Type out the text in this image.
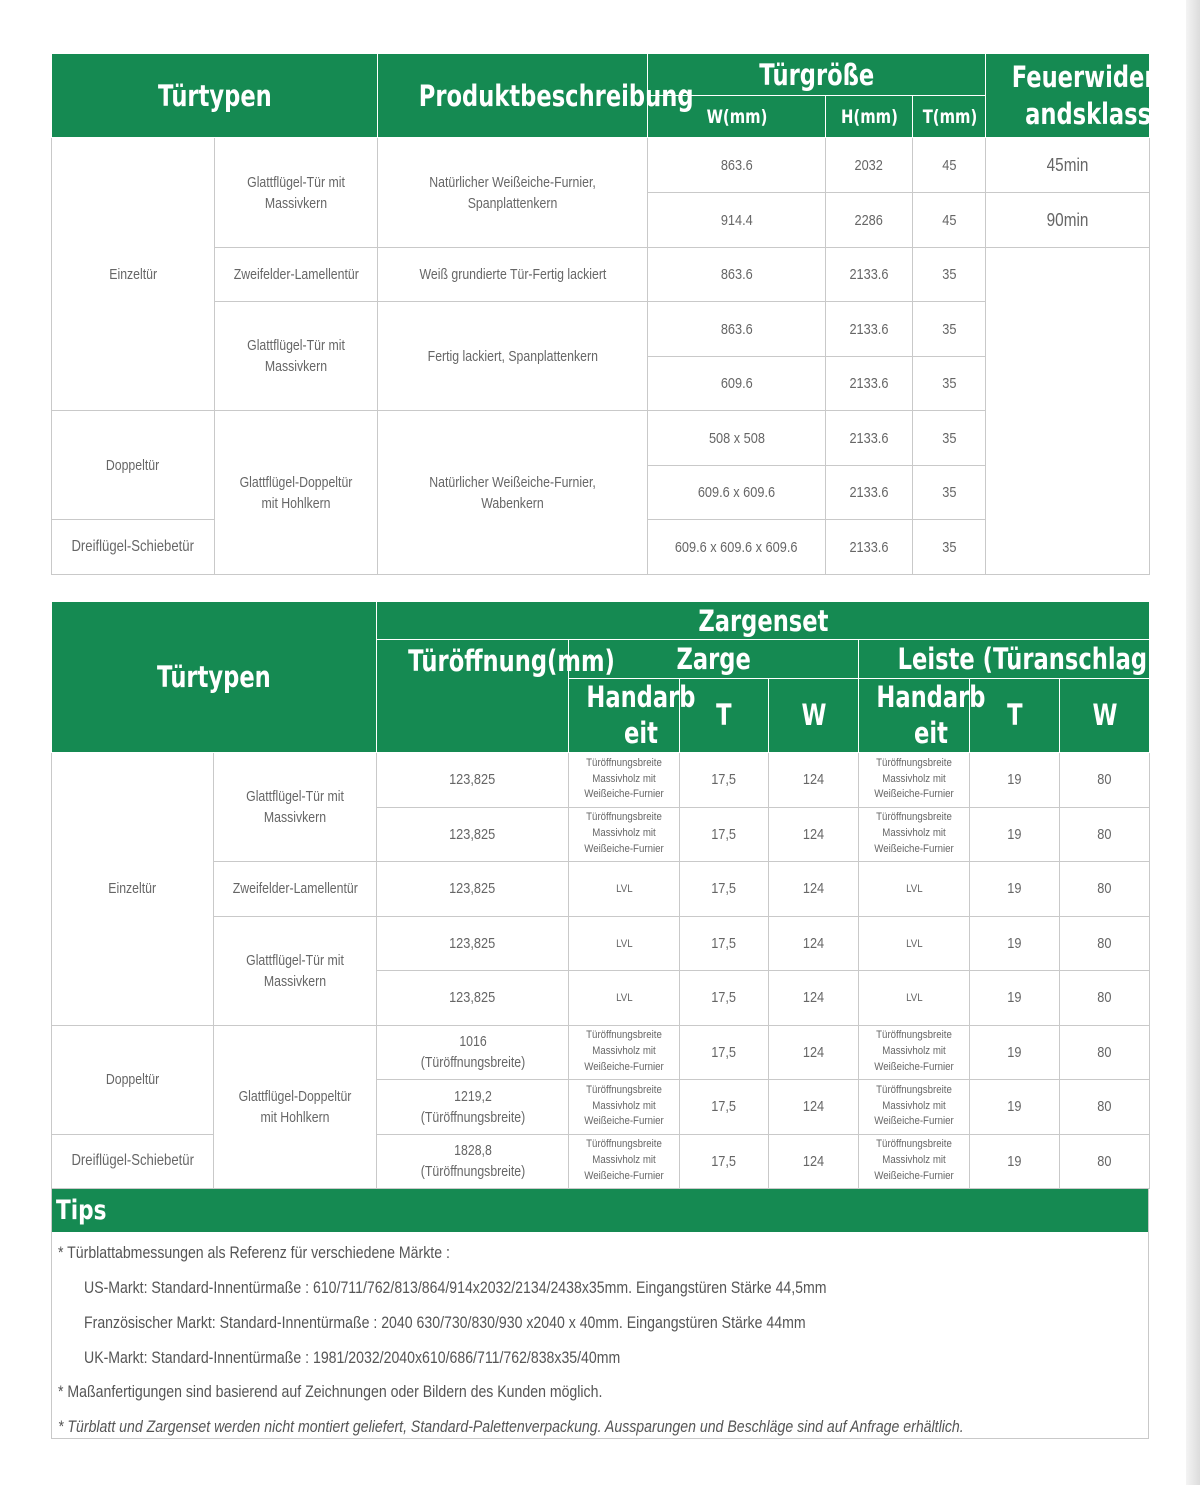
Türtypen		Produktbeschreibung	Türgröße			Feuerwiderst andsklasse
			W(mm)	H(mm)	T(mm)	
Einzeltür	Glattflügel-Tür mit Massivkern	Natürlicher Weißeiche-Furnier, Spanplattenkern	863.6	2032	45	45min
			914.4	2286	45	90min
	Zweifelder-Lamellentür	Weiß grundierte Tür-Fertig lackiert	863.6	2133.6	35	
	Glattflügel-Tür mit Massivkern	Fertig lackiert, Spanplattenkern	863.6	2133.6	35	
			609.6	2133.6	35	
Doppeltür	Glattflügel-Doppeltür mit Hohlkern	Natürlicher Weißeiche-Furnier, Wabenkern	508 x 508	2133.6	35	
			609.6 x 609.6	2133.6	35	
Dreiflügel-Schiebetür			609.6 x 609.6 x 609.6	2133.6	35	
Türtypen		Zargenset						
		Türöffnung(mm)	Zarge			Leiste (Türanschlag)		
			Handarb eit	T	W	Handarb eit	T	W
Einzeltür	Glattflügel-Tür mit Massivkern	123,825	Türöffnungsbreite Massivholz mit Weißeiche-Furnier	17,5	124	Türöffnungsbreite Massivholz mit Weißeiche-Furnier	19	80
		123,825	Türöffnungsbreite Massivholz mit Weißeiche-Furnier	17,5	124	Türöffnungsbreite Massivholz mit Weißeiche-Furnier	19	80
	Zweifelder-Lamellentür	123,825	LVL	17,5	124	LVL	19	80
	Glattflügel-Tür mit Massivkern	123,825	LVL	17,5	124	LVL	19	80
		123,825	LVL	17,5	124	LVL	19	80
Doppeltür	Glattflügel-Doppeltür mit Hohlkern	1016 (Türöffnungsbreite)	Türöffnungsbreite Massivholz mit Weißeiche-Furnier	17,5	124	Türöffnungsbreite Massivholz mit Weißeiche-Furnier	19	80
		1219,2 (Türöffnungsbreite)	Türöffnungsbreite Massivholz mit Weißeiche-Furnier	17,5	124	Türöffnungsbreite Massivholz mit Weißeiche-Furnier	19	80
Dreiflügel-Schiebetür		1828,8 (Türöffnungsbreite)	Türöffnungsbreite Massivholz mit Weißeiche-Furnier	17,5	124	Türöffnungsbreite Massivholz mit Weißeiche-Furnier	19	80
Tips
* Türblattabmessungen als Referenz für verschiedene Märkte :
US-Markt: Standard-Innentürmaße : 610/711/762/813/864/914x2032/2134/2438x35mm. Eingangstüren Stärke 44,5mm
Französischer Markt: Standard-Innentürmaße : 2040 630/730/830/930 x2040 x 40mm. Eingangstüren Stärke 44mm
UK-Markt: Standard-Innentürmaße : 1981/2032/2040x610/686/711/762/838x35/40mm
* Maßanfertigungen sind basierend auf Zeichnungen oder Bildern des Kunden möglich.
* Türblatt und Zargenset werden nicht montiert geliefert, Standard-Palettenverpackung. Aussparungen und Beschläge sind auf Anfrage erhältlich.
